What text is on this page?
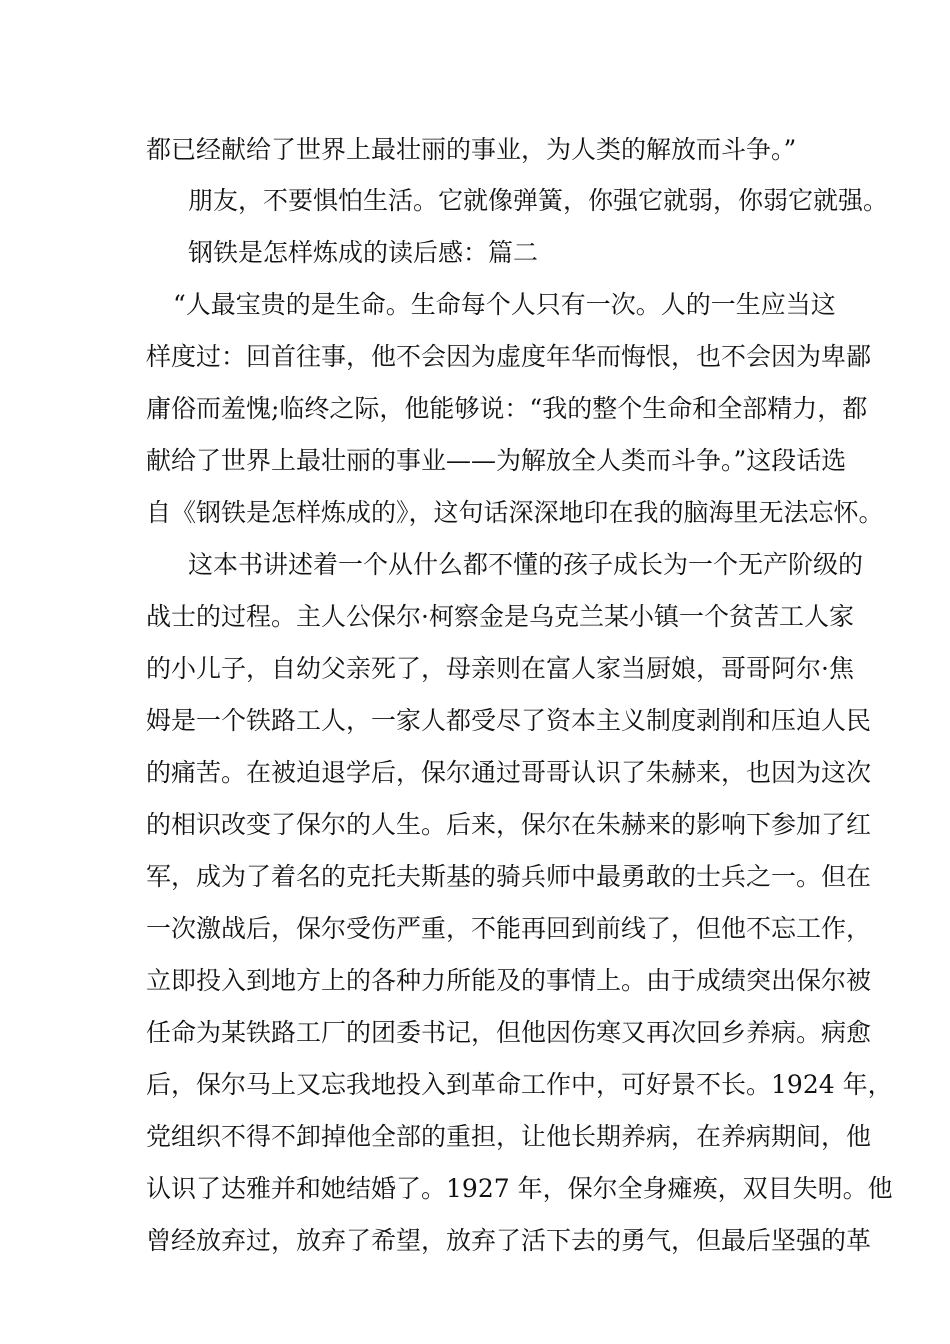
都已经献给了世界上最壮丽的事业，为人类的解放而斗争。”
朋友，不要惧怕生活。它就像弹簧，你强它就弱，你弱它就强。
钢铁是怎样炼成的读后感：篇二
“人最宝贵的是生命。生命每个人只有一次。人的一生应当这
样度过：回首往事，他不会因为虚度年华而悔恨，也不会因为卑鄙
庸俗而羞愧;临终之际，他能够说：“我的整个生命和全部精力，都
献给了世界上最壮丽的事业——为解放全人类而斗争。”这段话选
自《钢铁是怎样炼成的》，这句话深深地印在我的脑海里无法忘怀。
这本书讲述着一个从什么都不懂的孩子成长为一个无产阶级的
战士的过程。主人公保尔·柯察金是乌克兰某小镇一个贫苦工人家
的小儿子，自幼父亲死了，母亲则在富人家当厨娘，哥哥阿尔·焦
姆是一个铁路工人，一家人都受尽了资本主义制度剥削和压迫人民
的痛苦。在被迫退学后，保尔通过哥哥认识了朱赫来，也因为这次
的相识改变了保尔的人生。后来，保尔在朱赫来的影响下参加了红
军，成为了着名的克托夫斯基的骑兵师中最勇敢的士兵之一。但在
一次激战后，保尔受伤严重，不能再回到前线了，但他不忘工作，
立即投入到地方上的各种力所能及的事情上。由于成绩突出保尔被
任命为某铁路工厂的团委书记，但他因伤寒又再次回乡养病。病愈
后，保尔马上又忘我地投入到革命工作中，可好景不长。1924 年，
党组织不得不卸掉他全部的重担，让他长期养病，在养病期间，他
认识了达雅并和她结婚了。1927 年，保尔全身瘫痪，双目失明。他
曾经放弃过，放弃了希望，放弃了活下去的勇气，但最后坚强的革
